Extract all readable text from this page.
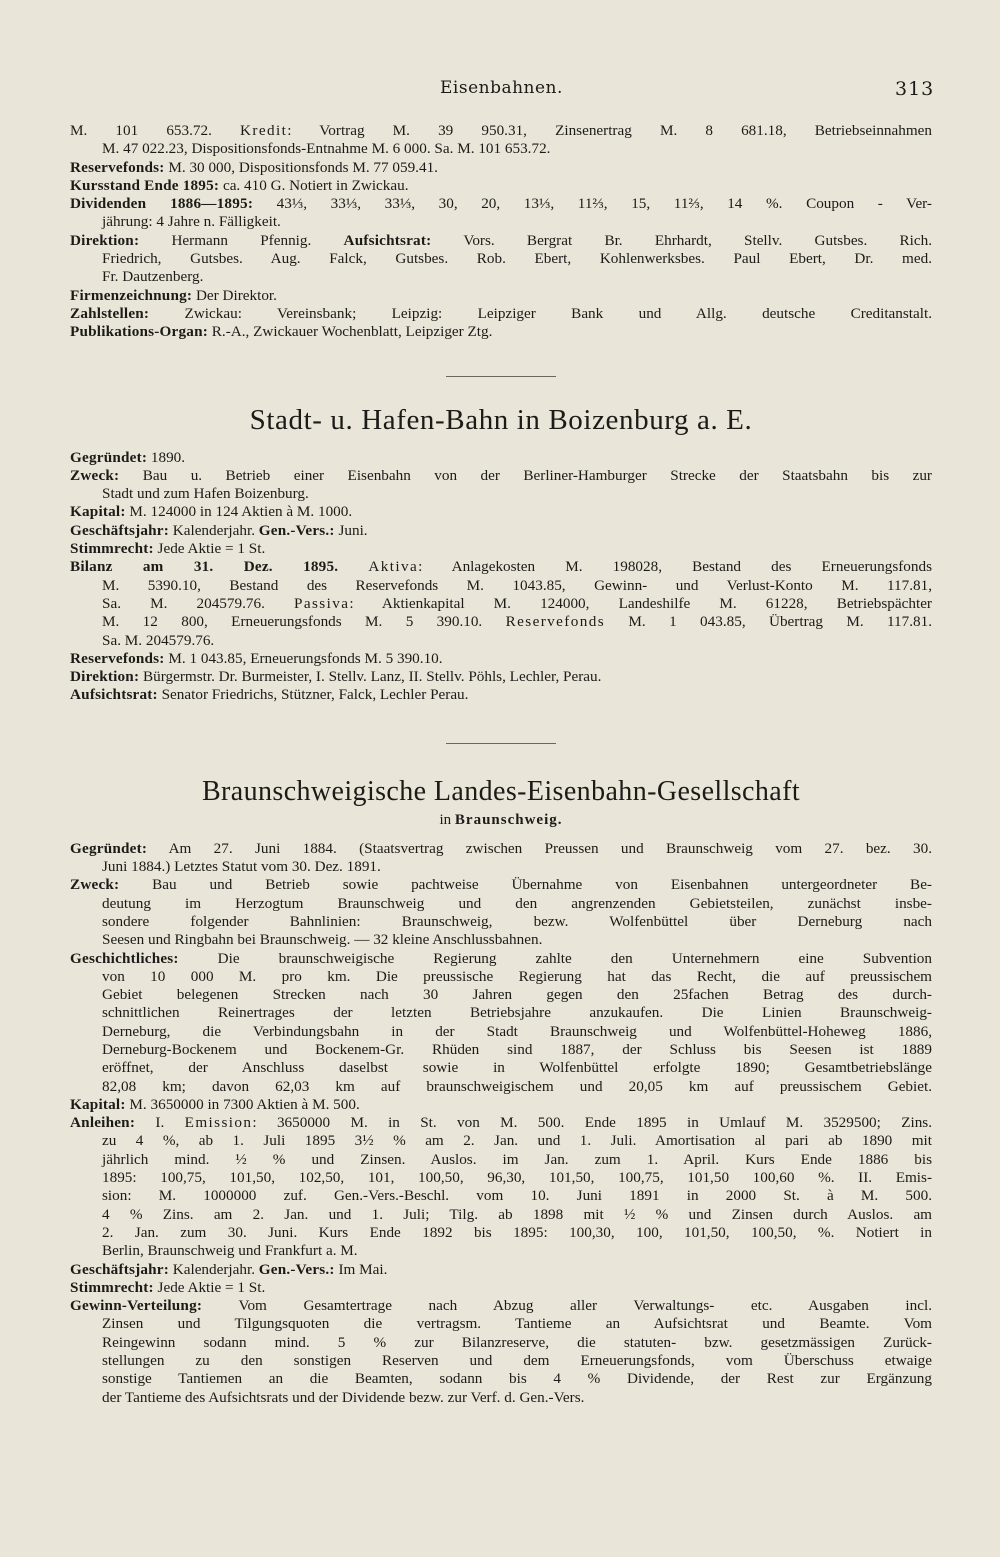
Eisenbahnen.	313
M. 101 653.72. Kredit: Vortrag M. 39 950.31, Zinsenertrag M. 8 681.18, Betriebseinnahmen
M. 47 022.23, Dispositionsfonds-Entnahme M. 6 000. Sa. M. 101 653.72.
Reservefonds: M. 30 000, Dispositionsfonds M. 77 059.41.
Kursstand Ende 1895: ca. 410 G. Notiert in Zwickau.
Dividenden 1886—1895: 43⅓, 33⅓, 33⅓, 30, 20, 13⅓, 11⅔, 15, 11⅔, 14 %. Coupon - Ver-
jährung: 4 Jahre n. Fälligkeit.
Direktion: Hermann Pfennig. Aufsichtsrat: Vors. Bergrat Br. Ehrhardt, Stellv. Gutsbes. Rich.
Friedrich, Gutsbes. Aug. Falck, Gutsbes. Rob. Ebert, Kohlenwerksbes. Paul Ebert, Dr. med.
Fr. Dautzenberg.
Firmenzeichnung: Der Direktor.
Zahlstellen: Zwickau: Vereinsbank; Leipzig: Leipziger Bank und Allg. deutsche Creditanstalt.
Publikations-Organ: R.-A., Zwickauer Wochenblatt, Leipziger Ztg.
Stadt- u. Hafen-Bahn in Boizenburg a. E.
Gegründet: 1890.
Zweck: Bau u. Betrieb einer Eisenbahn von der Berliner-Hamburger Strecke der Staatsbahn bis zur
Stadt und zum Hafen Boizenburg.
Kapital: M. 124000 in 124 Aktien à M. 1000.
Geschäftsjahr: Kalenderjahr. Gen.-Vers.: Juni.
Stimmrecht: Jede Aktie = 1 St.
Bilanz am 31. Dez. 1895. Aktiva: Anlagekosten M. 198028, Bestand des Erneuerungsfonds
M. 5390.10, Bestand des Reservefonds M. 1043.85, Gewinn- und Verlust-Konto M. 117.81,
Sa. M. 204579.76. Passiva: Aktienkapital M. 124000, Landeshilfe M. 61228, Betriebspächter
M. 12 800, Erneuerungsfonds M. 5 390.10. Reservefonds M. 1 043.85, Übertrag M. 117.81.
Sa. M. 204579.76.
Reservefonds: M. 1 043.85, Erneuerungsfonds M. 5 390.10.
Direktion: Bürgermstr. Dr. Burmeister, I. Stellv. Lanz, II. Stellv. Pöhls, Lechler, Perau.
Aufsichtsrat: Senator Friedrichs, Stützner, Falck, Lechler Perau.
Braunschweigische Landes-Eisenbahn-Gesellschaft
in Braunschweig.
Gegründet: Am 27. Juni 1884. (Staatsvertrag zwischen Preussen und Braunschweig vom 27. bez. 30.
Juni 1884.) Letztes Statut vom 30. Dez. 1891.
Zweck: Bau und Betrieb sowie pachtweise Übernahme von Eisenbahnen untergeordneter Be-
deutung im Herzogtum Braunschweig und den angrenzenden Gebietsteilen, zunächst insbe-
sondere folgender Bahnlinien: Braunschweig, bezw. Wolfenbüttel über Derneburg nach
Seesen und Ringbahn bei Braunschweig. — 32 kleine Anschlussbahnen.
Geschichtliches: Die braunschweigische Regierung zahlte den Unternehmern eine Subvention
von 10 000 M. pro km. Die preussische Regierung hat das Recht, die auf preussischem
Gebiet belegenen Strecken nach 30 Jahren gegen den 25fachen Betrag des durch-
schnittlichen Reinertrages der letzten Betriebsjahre anzukaufen. Die Linien Braunschweig-
Derneburg, die Verbindungsbahn in der Stadt Braunschweig und Wolfenbüttel-Hoheweg 1886,
Derneburg-Bockenem und Bockenem-Gr. Rhüden sind 1887, der Schluss bis Seesen ist 1889
eröffnet, der Anschluss daselbst sowie in Wolfenbüttel erfolgte 1890; Gesamtbetriebslänge
82,08 km; davon 62,03 km auf braunschweigischem und 20,05 km auf preussischem Gebiet.
Kapital: M. 3650000 in 7300 Aktien à M. 500.
Anleihen: I. Emission: 3650000 M. in St. von M. 500. Ende 1895 in Umlauf M. 3529500; Zins.
zu 4 %, ab 1. Juli 1895 3½ % am 2. Jan. und 1. Juli. Amortisation al pari ab 1890 mit
jährlich mind. ½ % und Zinsen. Auslos. im Jan. zum 1. April. Kurs Ende 1886 bis
1895: 100,75, 101,50, 102,50, 101, 100,50, 96,30, 101,50, 100,75, 101,50 100,60 %. II. Emis-
sion: M. 1000000 zuf. Gen.-Vers.-Beschl. vom 10. Juni 1891 in 2000 St. à M. 500.
4 % Zins. am 2. Jan. und 1. Juli; Tilg. ab 1898 mit ½ % und Zinsen durch Auslos. am
2. Jan. zum 30. Juni. Kurs Ende 1892 bis 1895: 100,30, 100, 101,50, 100,50, %. Notiert in
Berlin, Braunschweig und Frankfurt a. M.
Geschäftsjahr: Kalenderjahr. Gen.-Vers.: Im Mai.
Stimmrecht: Jede Aktie = 1 St.
Gewinn-Verteilung: Vom Gesamtertrage nach Abzug aller Verwaltungs- etc. Ausgaben incl.
Zinsen und Tilgungsquoten die vertragsm. Tantieme an Aufsichtsrat und Beamte. Vom
Reingewinn sodann mind. 5 % zur Bilanzreserve, die statuten- bzw. gesetzmässigen Zurück-
stellungen zu den sonstigen Reserven und dem Erneuerungsfonds, vom Überschuss etwaige
sonstige Tantiemen an die Beamten, sodann bis 4 % Dividende, der Rest zur Ergänzung
der Tantieme des Aufsichtsrats und der Dividende bezw. zur Verf. d. Gen.-Vers.
